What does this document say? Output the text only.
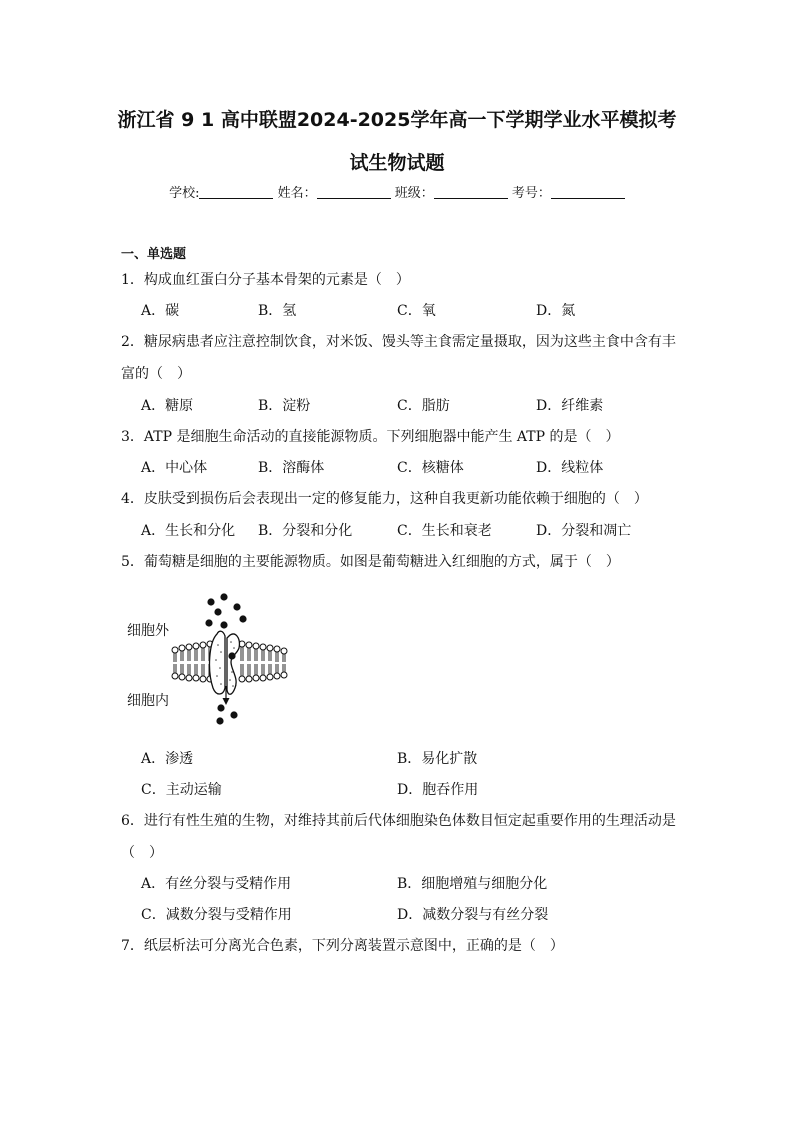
浙江省 9 1 高中联盟2024-2025学年高一下学期学业水平模拟考
试生物试题
学校:	姓名：	班级：	考号：
一、单选题
1．构成血红蛋白分子基本骨架的元素是（　）
A．碳	B．氢	C．氧	D．氮
2．糖尿病患者应注意控制饮食，对米饭、馒头等主食需定量摄取，因为这些主食中含有丰
富的（　）
A．糖原	B．淀粉	C．脂肪	D．纤维素
3．ATP 是细胞生命活动的直接能源物质。下列细胞器中能产生 ATP 的是（　）
A．中心体	B．溶酶体	C．核糖体	D．线粒体
4．皮肤受到损伤后会表现出一定的修复能力，这种自我更新功能依赖于细胞的（　）
A．生长和分化 B．分裂和分化	C．生长和衰老	D．分裂和凋亡
5．葡萄糖是细胞的主要能源物质。如图是葡萄糖进入红细胞的方式，属于（　）
细胞外
细胞内
A．渗透	B．易化扩散
C．主动运输	D．胞吞作用
6．进行有性生殖的生物，对维持其前后代体细胞染色体数目恒定起重要作用的生理活动是
（　）
A．有丝分裂与受精作用	B．细胞增殖与细胞分化
C．减数分裂与受精作用	D．减数分裂与有丝分裂
7．纸层析法可分离光合色素，下列分离装置示意图中，正确的是（　）
